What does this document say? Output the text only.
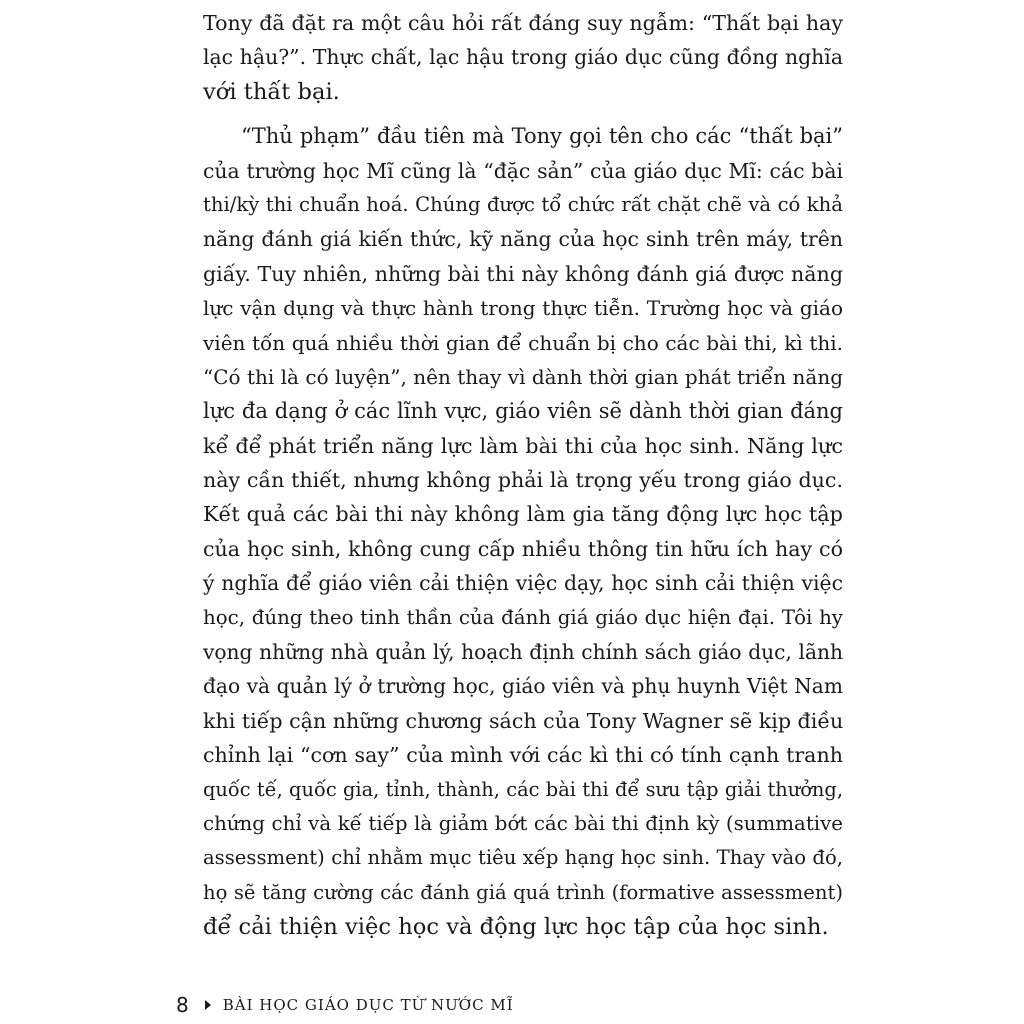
Tony đã đặt ra một câu hỏi rất đáng suy ngẫm: “Thất bại hay
lạc hậu?”. Thực chất, lạc hậu trong giáo dục cũng đồng nghĩa
với thất bại.
“Thủ phạm” đầu tiên mà Tony gọi tên cho các “thất bại”
của trường học Mĩ cũng là “đặc sản” của giáo dục Mĩ: các bài
thi/kỳ thi chuẩn hoá. Chúng được tổ chức rất chặt chẽ và có khả
năng đánh giá kiến thức, kỹ năng của học sinh trên máy, trên
giấy. Tuy nhiên, những bài thi này không đánh giá được năng
lực vận dụng và thực hành trong thực tiễn. Trường học và giáo
viên tốn quá nhiều thời gian để chuẩn bị cho các bài thi, kì thi.
“Có thi là có luyện”, nên thay vì dành thời gian phát triển năng
lực đa dạng ở các lĩnh vực, giáo viên sẽ dành thời gian đáng
kể để phát triển năng lực làm bài thi của học sinh. Năng lực
này cần thiết, nhưng không phải là trọng yếu trong giáo dục.
Kết quả các bài thi này không làm gia tăng động lực học tập
của học sinh, không cung cấp nhiều thông tin hữu ích hay có
ý nghĩa để giáo viên cải thiện việc dạy, học sinh cải thiện việc
học, đúng theo tinh thần của đánh giá giáo dục hiện đại. Tôi hy
vọng những nhà quản lý, hoạch định chính sách giáo dục, lãnh
đạo và quản lý ở trường học, giáo viên và phụ huynh Việt Nam
khi tiếp cận những chương sách của Tony Wagner sẽ kịp điều
chỉnh lại “cơn say” của mình với các kì thi có tính cạnh tranh
quốc tế, quốc gia, tỉnh, thành, các bài thi để sưu tập giải thưởng,
chứng chỉ và kế tiếp là giảm bớt các bài thi định kỳ (summative
assessment) chỉ nhằm mục tiêu xếp hạng học sinh. Thay vào đó,
họ sẽ tăng cường các đánh giá quá trình (formative assessment)
để cải thiện việc học và động lực học tập của học sinh.
8 BÀI HỌC GIÁO DỤC TỪ NƯỚC MĨ
